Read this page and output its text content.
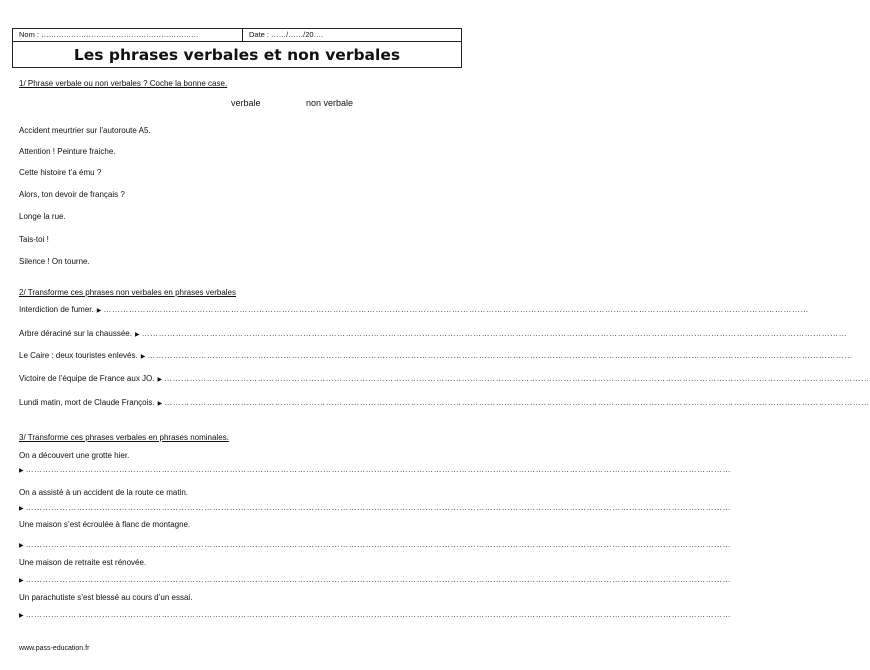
Nom : ………………………………………………………	Date : ……/……/20….
Les phrases verbales et non verbales
1/ Phrase verbale ou non verbales ? Coche la bonne case.
verbale	non verbale
Accident meurtrier sur l’autoroute A5.
Attention ! Peinture fraiche.
Cette histoire t’a ému ?
Alors, ton devoir de français ?
Longe la rue.
Tais-toi !
Silence ! On tourne.
2/ Transforme ces phrases non verbales en phrases verbales
Interdiction de fumer. ▶ ……………………………………………………………………………………………………………………………………………………………………………………………………………………………
Arbre déraciné sur la chaussée. ▶ ……………………………………………………………………………………………………………………………………………………………………………………………………………………………
Le Caire : deux touristes enlevés. ▶ ……………………………………………………………………………………………………………………………………………………………………………………………………………………………
Victoire de l’équipe de France aux JO. ▶ ……………………………………………………………………………………………………………………………………………………………………………………………………………………………
Lundi matin, mort de Claude François. ▶ ……………………………………………………………………………………………………………………………………………………………………………………………………………………………
3/ Transforme ces phrases verbales en phrases nominales.
On a découvert une grotte hier.
▶ ……………………………………………………………………………………………………………………………………………………………………………………………………………………………
On a assisté à un accident de la route ce matin.
▶ ……………………………………………………………………………………………………………………………………………………………………………………………………………………………
Une maison s’est écroulée à flanc de montagne.
▶ ……………………………………………………………………………………………………………………………………………………………………………………………………………………………
Une maison de retraite est rénovée.
▶ ……………………………………………………………………………………………………………………………………………………………………………………………………………………………
Un parachutiste s’est blessé au cours d’un essai.
▶ ……………………………………………………………………………………………………………………………………………………………………………………………………………………………
www.pass-education.fr
